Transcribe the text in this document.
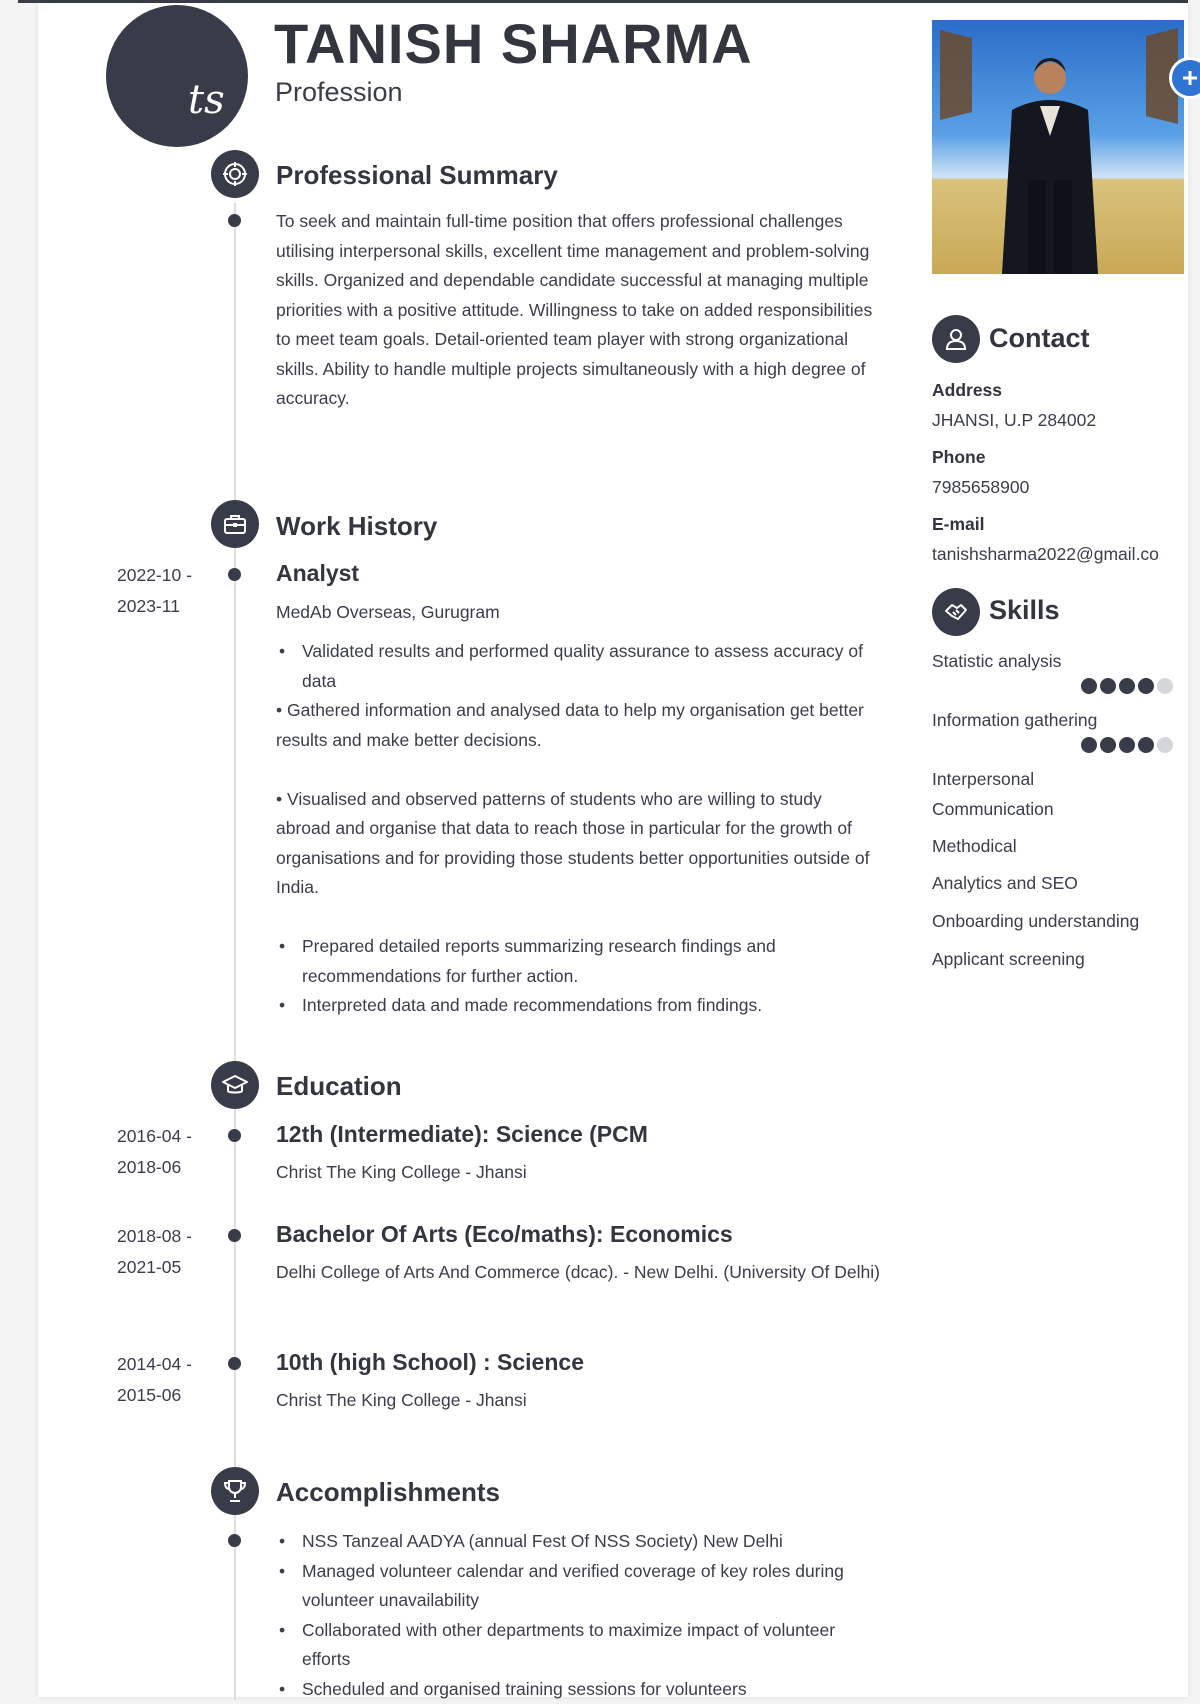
ts
TANISH SHARMA
Profession
Professional Summary
To seek and maintain full-time position that offers professional challenges utilising interpersonal skills, excellent time management and problem-solving skills. Organized and dependable candidate successful at managing multiple priorities with a positive attitude. Willingness to take on added responsibilities to meet team goals. Detail-oriented team player with strong organizational skills. Ability to handle multiple projects simultaneously with a high degree of accuracy.
Work History
2022-10 -
2023-11
Analyst
MedAb Overseas, Gurugram
• Validated results and performed quality assurance to assess accuracy of data
• Gathered information and analysed data to help my organisation get better results and make better decisions.
• Visualised and observed patterns of students who are willing to study abroad and organise that data to reach those in particular for the growth of organisations and for providing those students better opportunities outside of India.
• Prepared detailed reports summarizing research findings and recommendations for further action.
• Interpreted data and made recommendations from findings.
Education
2016-04 -
2018-06
12th (Intermediate): Science (PCM
Christ The King College - Jhansi
2018-08 -
2021-05
Bachelor Of Arts (Eco/maths): Economics
Delhi College of Arts And Commerce (dcac). - New Delhi. (University Of Delhi)
2014-04 -
2015-06
10th (high School) : Science
Christ The King College - Jhansi
Accomplishments
• NSS Tanzeal AADYA (annual Fest Of NSS Society) New Delhi
• Managed volunteer calendar and verified coverage of key roles during volunteer unavailability
• Collaborated with other departments to maximize impact of volunteer efforts
• Scheduled and organised training sessions for volunteers
Contact
Address
JHANSI, U.P 284002
Phone
7985658900
E-mail
tanishsharma2022@gmail.co
Skills
Statistic analysis
Information gathering
Interpersonal Communication
Methodical
Analytics and SEO
Onboarding understanding
Applicant screening
